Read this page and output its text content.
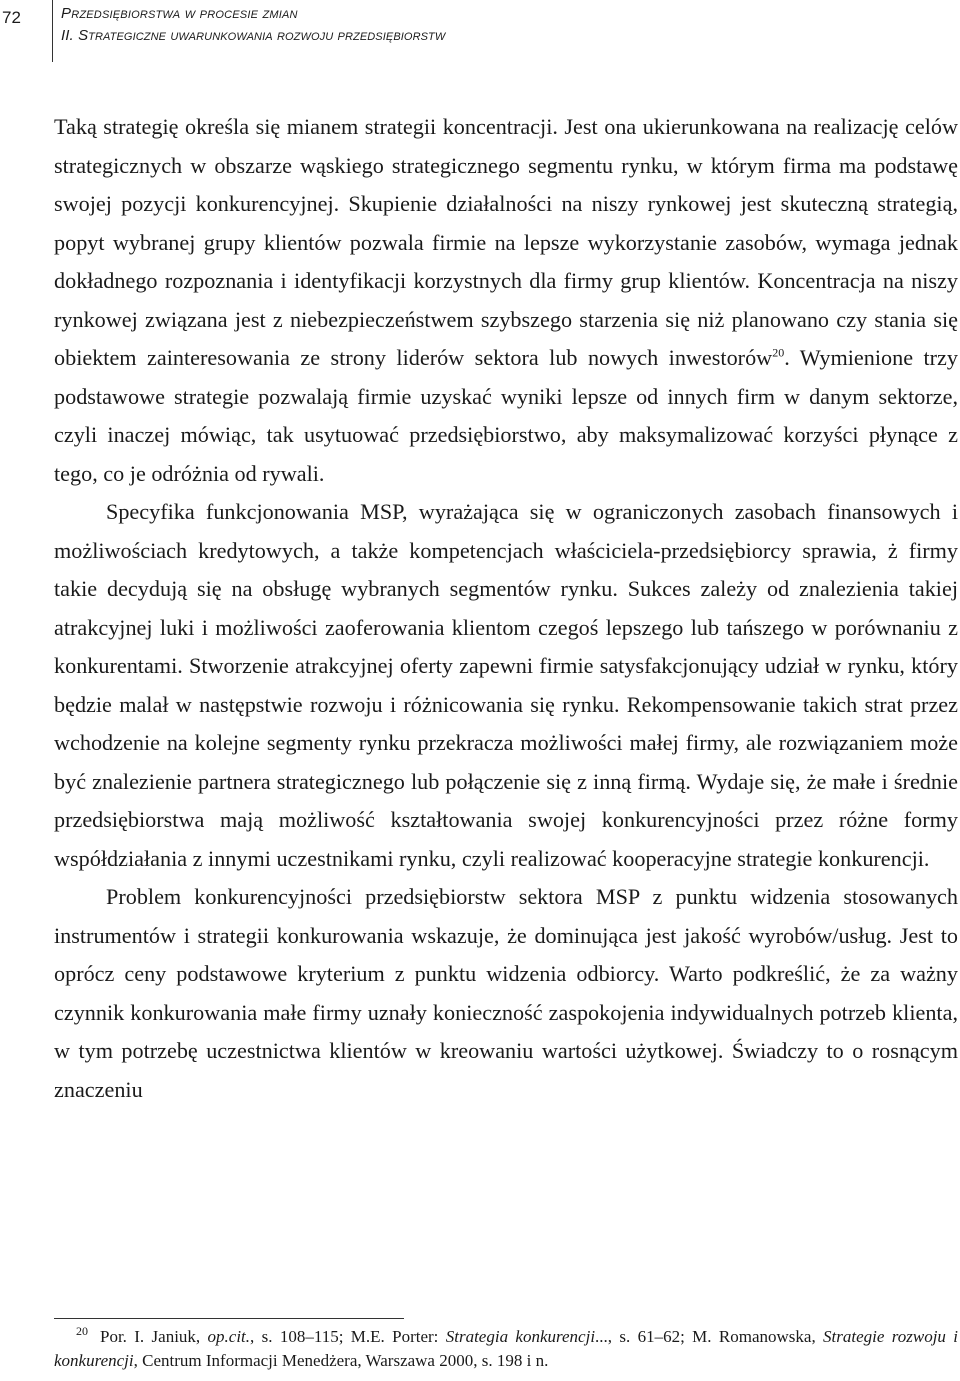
72	Przedsiębiorstwa w procesie zmian
II. Strategiczne uwarunkowania rozwoju przedsiębiorstw

Taką strategię określa się mianem strategii koncentracji. Jest ona ukierunkowana na realizację celów strategicznych w obszarze wąskiego strategicznego segmentu rynku, w którym firma ma podstawę swojej pozycji konkurencyjnej. Skupienie działalności na niszy rynkowej jest skuteczną strategią, popyt wybranej grupy klientów pozwala firmie na lepsze wykorzystanie zasobów, wymaga jednak dokładnego rozpoznania i identyfikacji korzystnych dla firmy grup klientów. Koncentracja na niszy rynkowej związana jest z niebezpieczeństwem szybszego starzenia się niż planowano czy stania się obiektem zainteresowania ze strony liderów sektora lub nowych inwestorów$^{20}$. Wymienione trzy podstawowe strategie pozwalają firmie uzyskać wyniki lepsze od innych firm w danym sektorze, czyli inaczej mówiąc, tak usytuować przedsiębiorstwo, aby maksymalizować korzyści płynące z tego, co je odróżnia od rywali.

Specyfika funkcjonowania MSP, wyrażająca się w ograniczonych zasobach finansowych i możliwościach kredytowych, a także kompetencjach właściciela-przedsiębiorcy sprawia, ż firmy takie decydują się na obsługę wybranych segmentów rynku. Sukces zależy od znalezienia takiej atrakcyjnej luki i możliwości zaoferowania klientom czegoś lepszego lub tańszego w porównaniu z konkurentami. Stworzenie atrakcyjnej oferty zapewni firmie satysfakcjonujący udział w rynku, który będzie malał w następstwie rozwoju i różnicowania się rynku. Rekompensowanie takich strat przez wchodzenie na kolejne segmenty rynku przekracza możliwości małej firmy, ale rozwiązaniem może być znalezienie partnera strategicznego lub połączenie się z inną firmą. Wydaje się, że małe i średnie przedsiębiorstwa mają możliwość kształtowania swojej konkurencyjności przez różne formy współdziałania z innymi uczestnikami rynku, czyli realizować kooperacyjne strategie konkurencji.

Problem konkurencyjności przedsiębiorstw sektora MSP z punktu widzenia stosowanych instrumentów i strategii konkurowania wskazuje, że dominująca jest jakość wyrobów/usług. Jest to oprócz ceny podstawowe kryterium z punktu widzenia odbiorcy. Warto podkreślić, że za ważny czynnik konkurowania małe firmy uznały konieczność zaspokojenia indywidualnych potrzeb klienta, w tym potrzebę uczestnictwa klientów w kreowaniu wartości użytkowej. Świadczy to o rosnącym znaczeniu

20 Por. I. Janiuk, op.cit., s. 108–115; M.E. Porter: Strategia konkurencji..., s. 61–62; M. Romanowska, Strategie rozwoju i konkurencji, Centrum Informacji Menedżera, Warszawa 2000, s. 198 i n.
